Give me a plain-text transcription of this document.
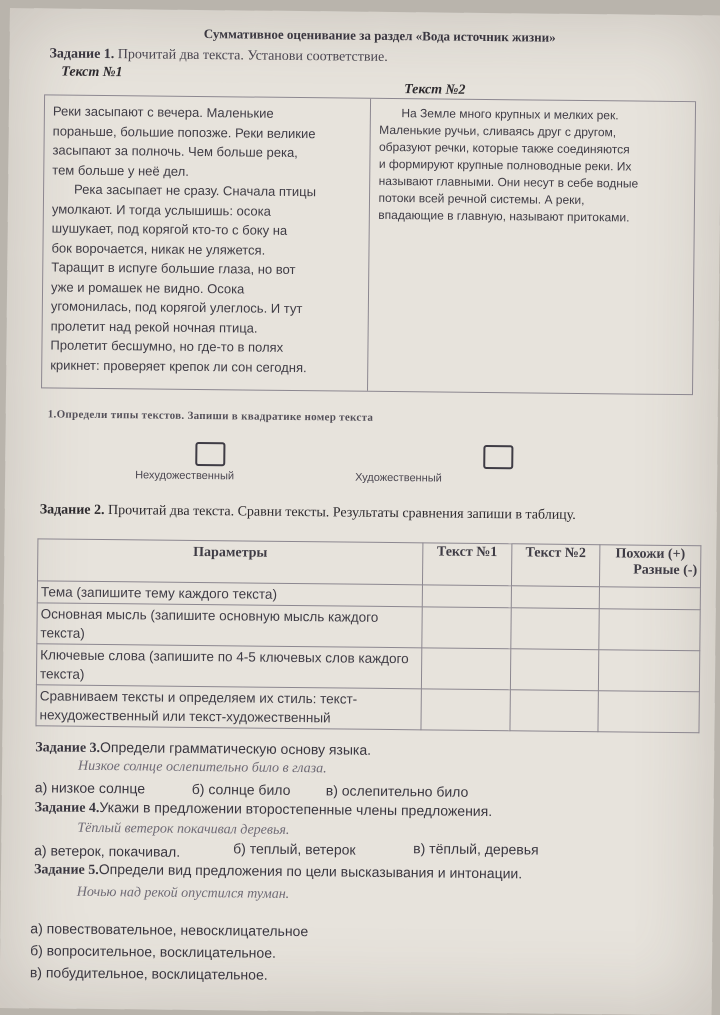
Суммативное оценивание за раздел «Вода источник жизни»
Задание 1. Прочитай два текста. Установи соответствие.
Текст №1
Текст №2
Реки засыпают с вечера. Маленькие
пораньше, большие попозже. Реки великие
засыпают за полночь. Чем больше река,
тем больше у неё дел.
Река засыпает не сразу. Сначала птицы
умолкают. И тогда услышишь: осока
шушукает, под корягой кто-то с боку на
бок ворочается, никак не уляжется.
Таращит в испуге большие глаза, но вот
уже и ромашек не видно. Осока
угомонилась, под корягой улеглось. И тут
пролетит над рекой ночная птица.
Пролетит бесшумно, но где-то в полях
крикнет: проверяет крепок ли сон сегодня.
На Земле много крупных и мелких рек.
Маленькие ручьи, сливаясь друг с другом,
образуют речки, которые также соединяются
и формируют крупные полноводные реки. Их
называют главными. Они несут в себе водные
потоки всей речной системы. А реки,
впадающие в главную, называют притоками.
1.Определи типы текстов. Запиши в квадратике номер текста
Нехудожественный	Художественный
Задание 2. Прочитай два текста. Сравни тексты. Результаты сравнения запиши в таблицу.
Параметры	Текст №1	Текст №2	Похожи (+)
Разные (-)

Тема (запишите тему каждого текста)			
Основная мысль (запишите основную мысль каждого текста)			
Ключевые слова (запишите по 4-5 ключевых слов каждого текста)			
Сравниваем тексты и определяем их стиль: текст-нехудожественный или текст-художественный			
Задание 3.Определи грамматическую основу языка.
Низкое солнце ослепительно било в глаза.
а) низкое солнце	б) солнце било	в) ослепительно било
Задание 4.Укажи в предложении второстепенные члены предложения.
Тёплый ветерок покачивал деревья.
а) ветерок, покачивал.	б) теплый, ветерок	в) тёплый, деревья
Задание 5.Определи вид предложения по цели высказывания и интонации.
Ночью над рекой опустился туман.
а) повествовательное, невосклицательное
б) вопросительное, восклицательное.
в) побудительное, восклицательное.
